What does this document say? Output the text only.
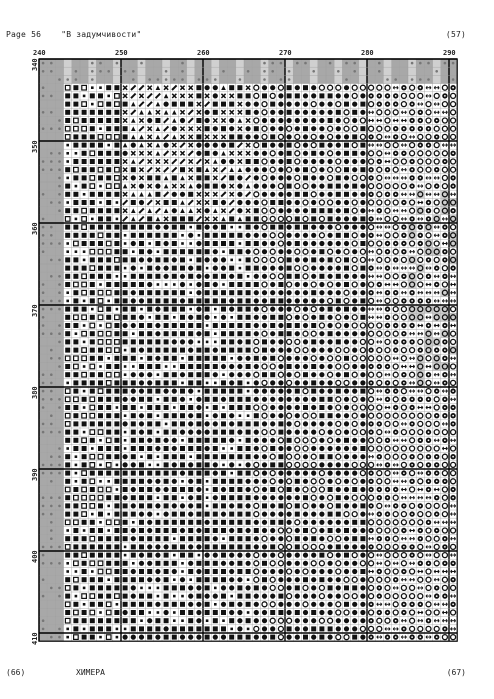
Page 56	"В задумчивости"	(57)
240	250	260	270	280	290
340
350
360
370
380
390
400
410
(66)	ХИМЕРА	(67)
